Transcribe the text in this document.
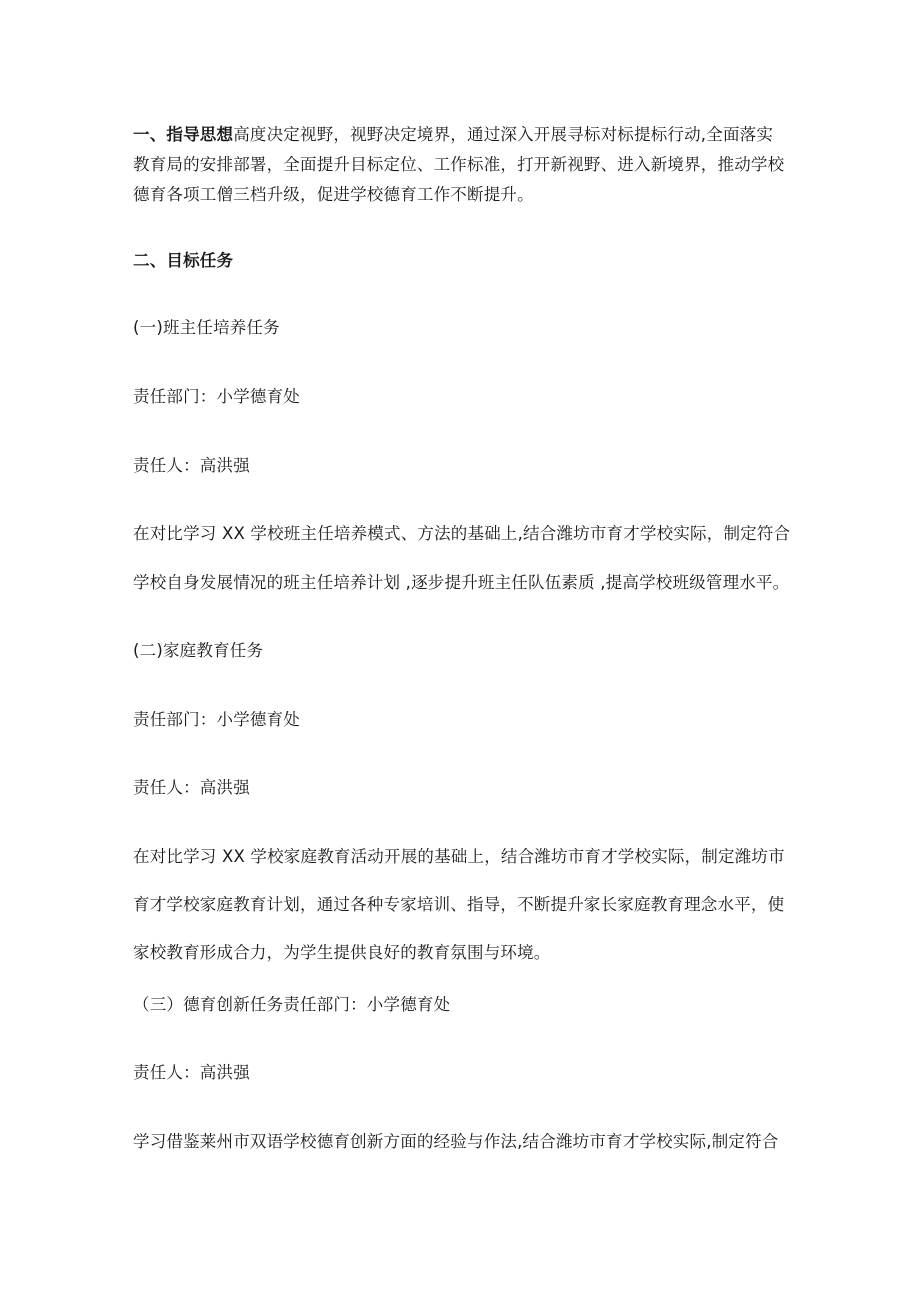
一、指导思想高度决定视野，视野决定境界，通过深入开展寻标对标提标行动,全面落实
教育局的安排部署，全面提升目标定位、工作标准，打开新视野、进入新境界，推动学校
德育各项工僧三档升级，促进学校德育工作不断提升。
二、目标任务
(一)班主任培养任务
责任部门：小学德育处
责任人：高洪强
在对比学习 XX 学校班主任培养模式、方法的基础上,结合潍坊市育才学校实际，制定符合
学校自身发展情况的班主任培养计划 ,逐步提升班主任队伍素质 ,提高学校班级管理水平。
(二)家庭教育任务
责任部门：小学德育处
责任人：高洪强
在对比学习 XX 学校家庭教育活动开展的基础上，结合潍坊市育才学校实际，制定潍坊市
育才学校家庭教育计划，通过各种专家培训、指导，不断提升家长家庭教育理念水平，使
家校教育形成合力，为学生提供良好的教育氛围与环境。
（三）德育创新任务责任部门：小学德育处
责任人：高洪强
学习借鉴莱州市双语学校德育创新方面的经验与作法,结合潍坊市育才学校实际,制定符合
